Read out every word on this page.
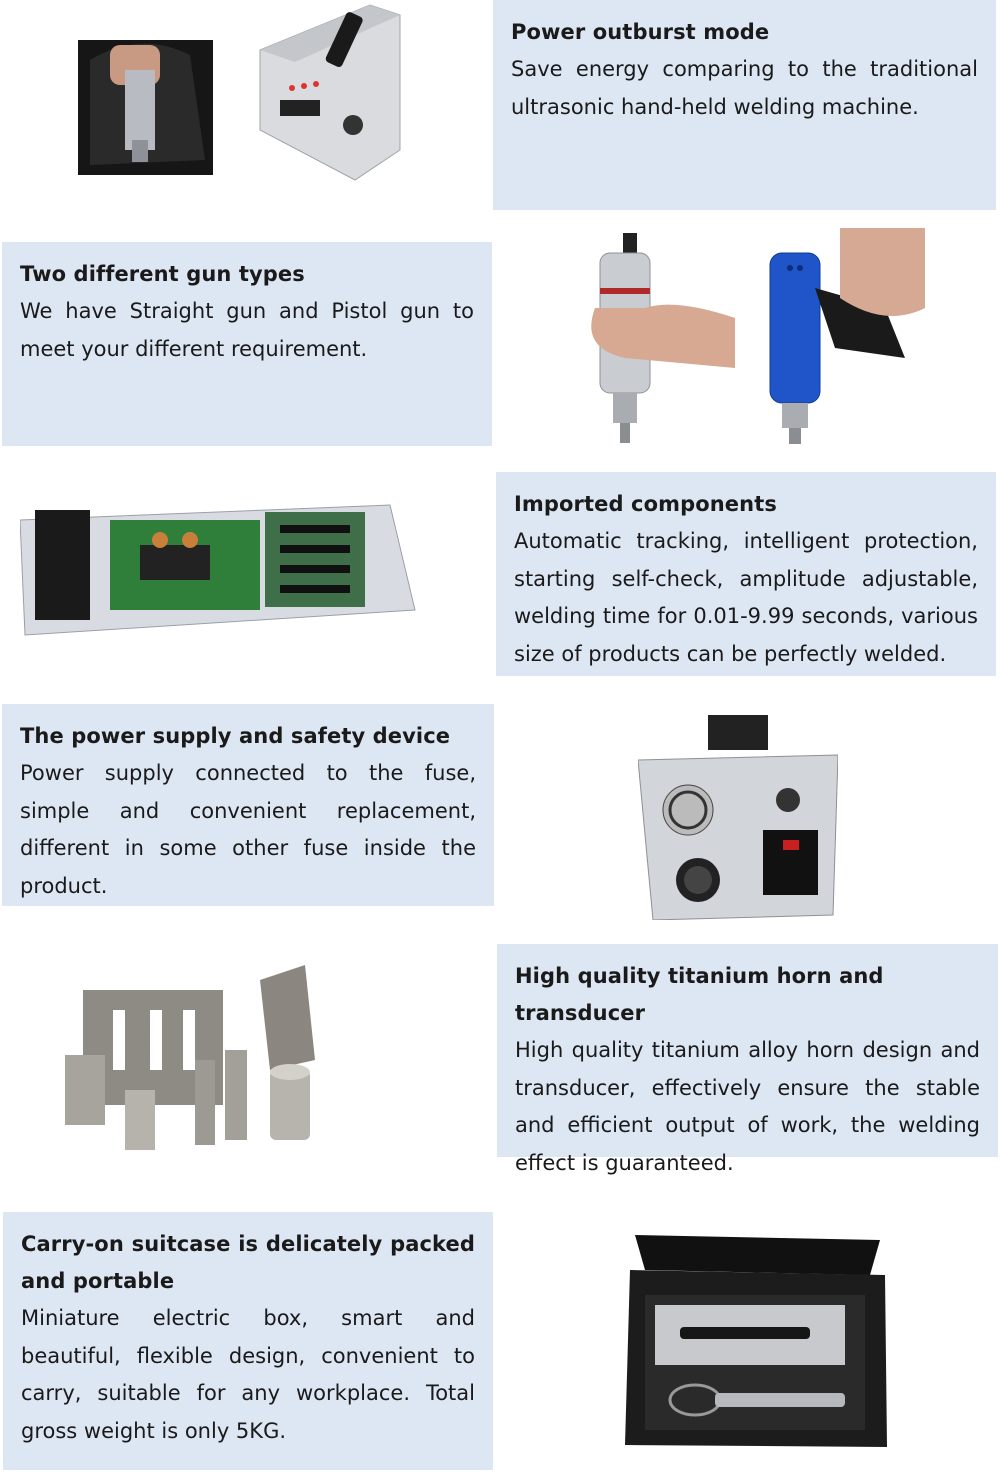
Power outburst mode

Save energy comparing to the traditional ultrasonic hand-held welding machine.

Two different gun types

We have Straight gun and Pistol gun to meet your different requirement.

Imported components

Automatic tracking, intelligent protection, starting self-check, amplitude adjustable, welding time for 0.01-9.99 seconds, various size of products can be perfectly welded.

The power supply and safety device

Power supply connected to the fuse, simple and convenient replacement, different in some other fuse inside the product.

High quality titanium horn and transducer

High quality titanium alloy horn design and transducer, effectively ensure the stable and efficient output of work, the welding effect is guaranteed.

Carry-on suitcase is delicately packed and portable

Miniature electric box, smart and beautiful, flexible design, convenient to carry, suitable for any workplace. Total gross weight is only 5KG.
